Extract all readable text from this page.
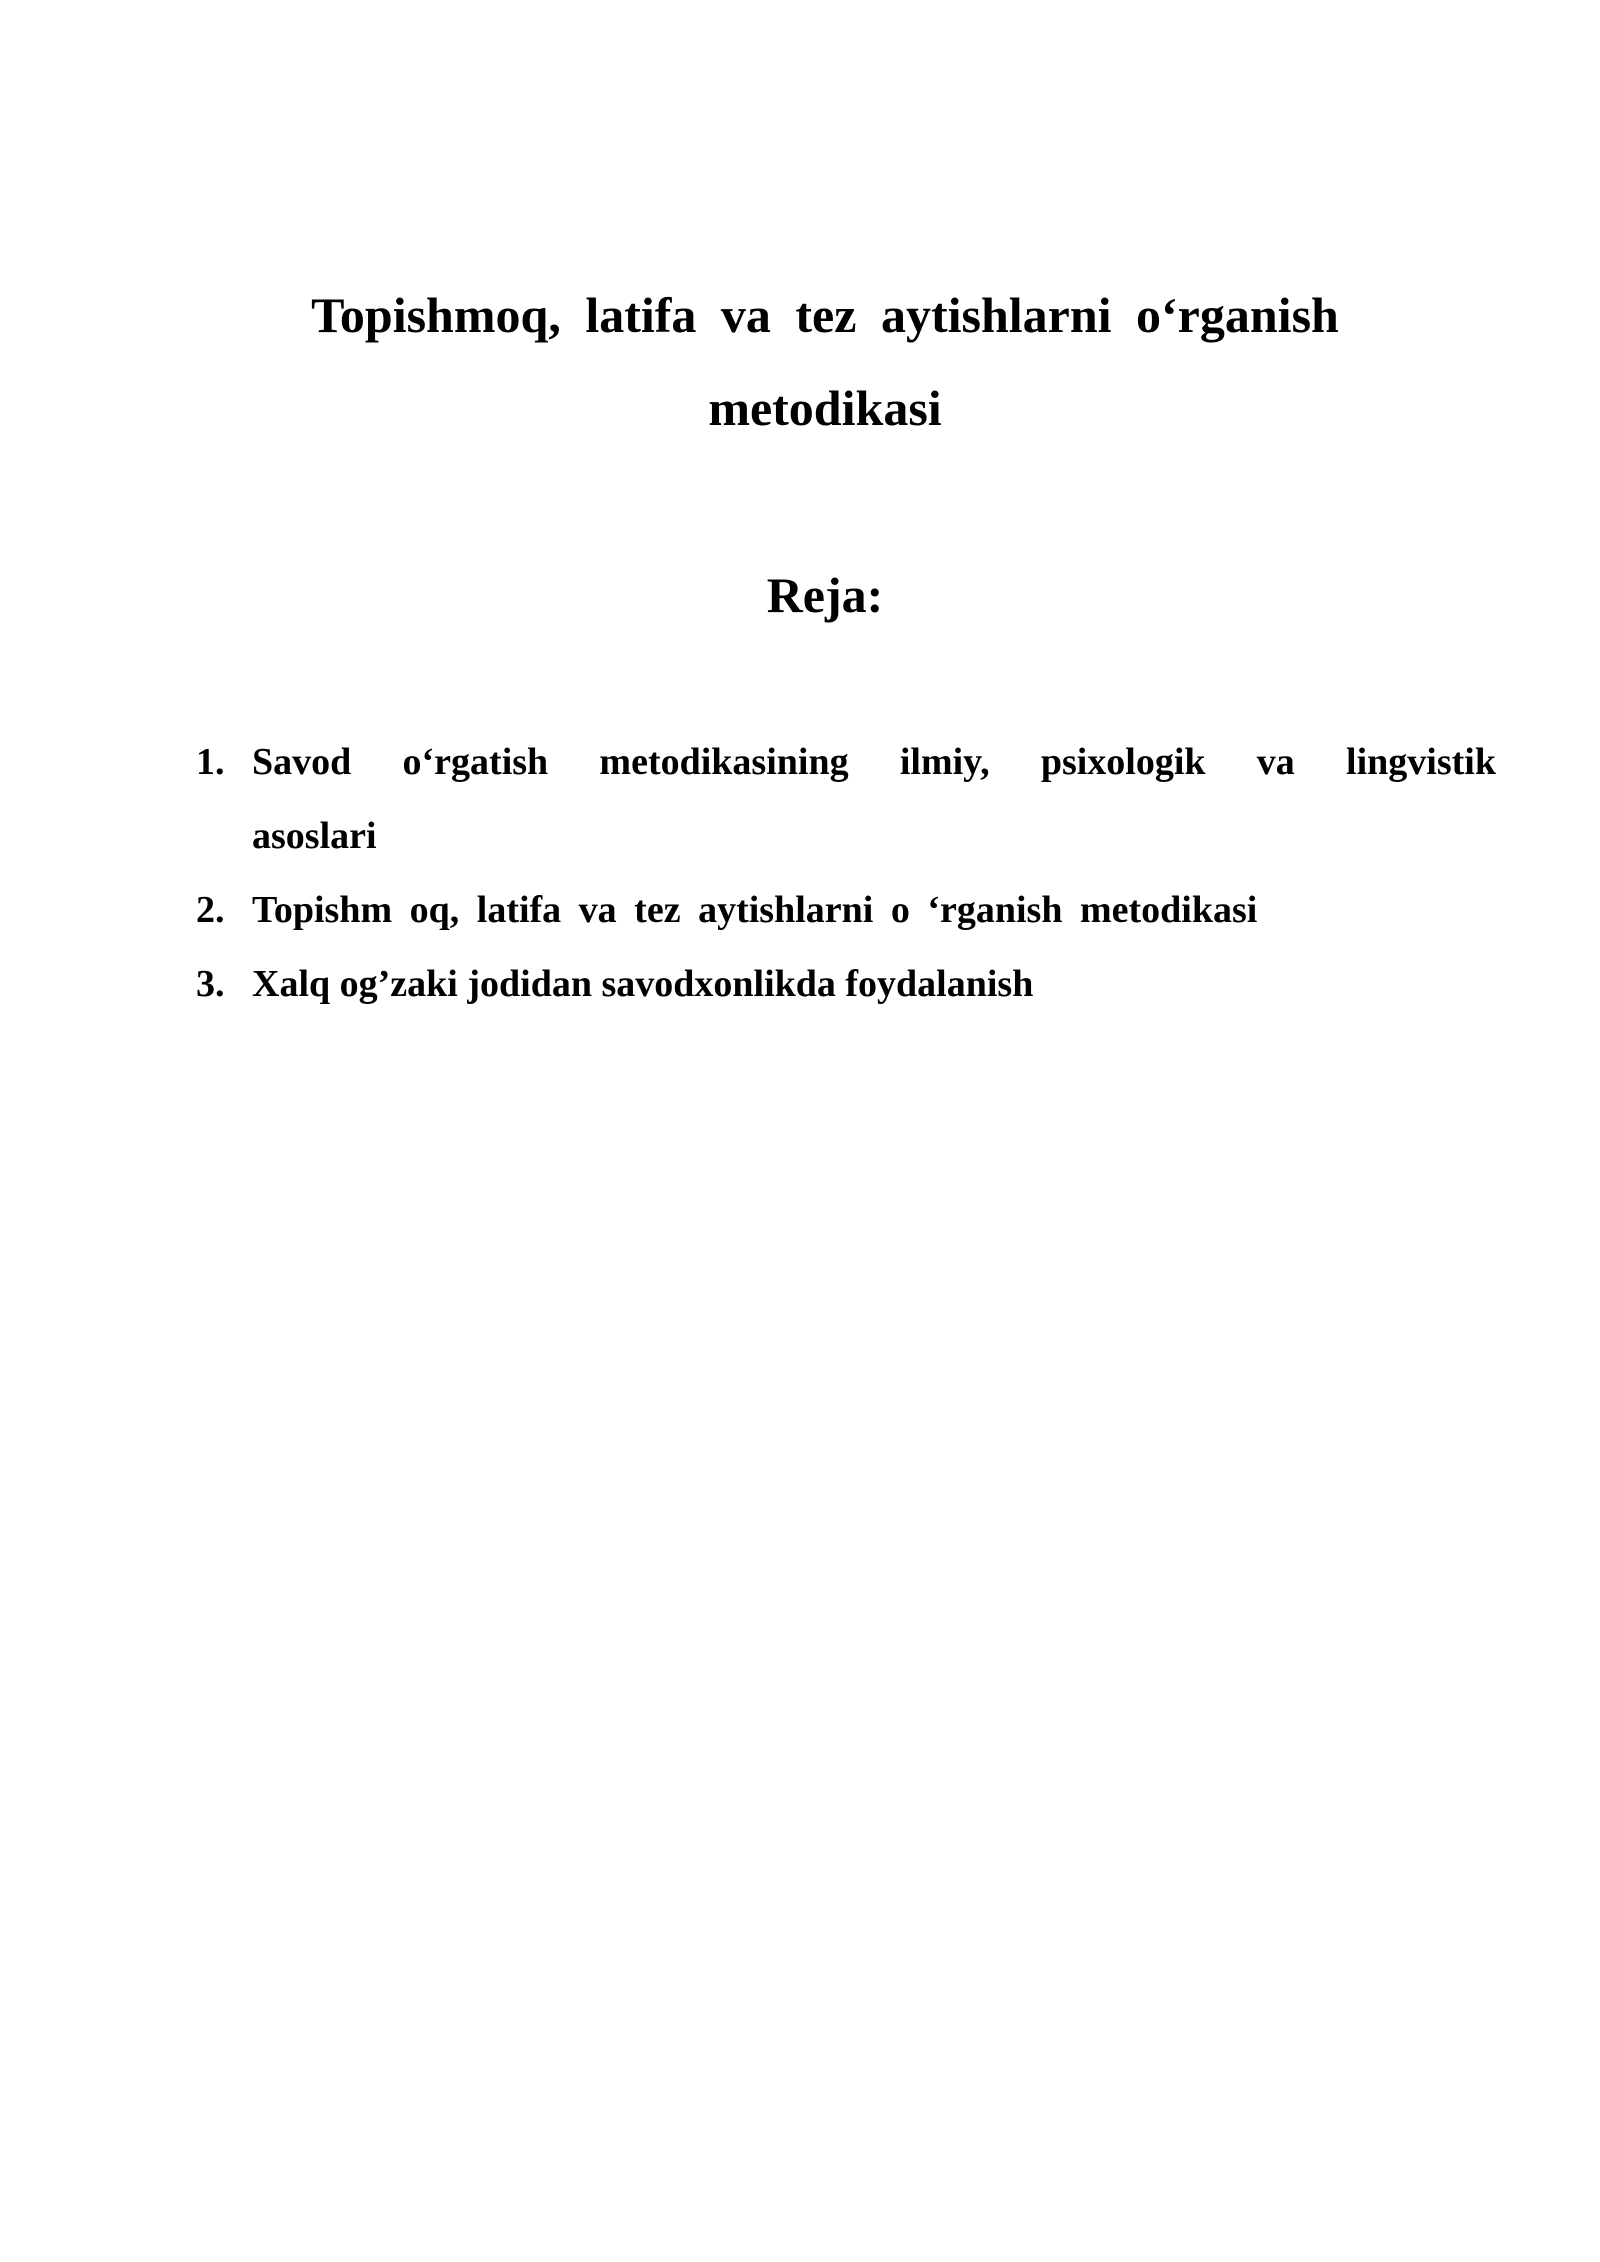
Topishmoq, latifa va tez aytishlarni o‘rganish
metodikasi
Reja:
1. Savod o‘rgatish metodikasining ilmiy, psixologik va lingvistik
asoslari
2. Topishm oq, latifa va tez aytishlarni o ‘rganish metodikasi
3. Xalq og’zaki jodidan savodxonlikda foydalanish
